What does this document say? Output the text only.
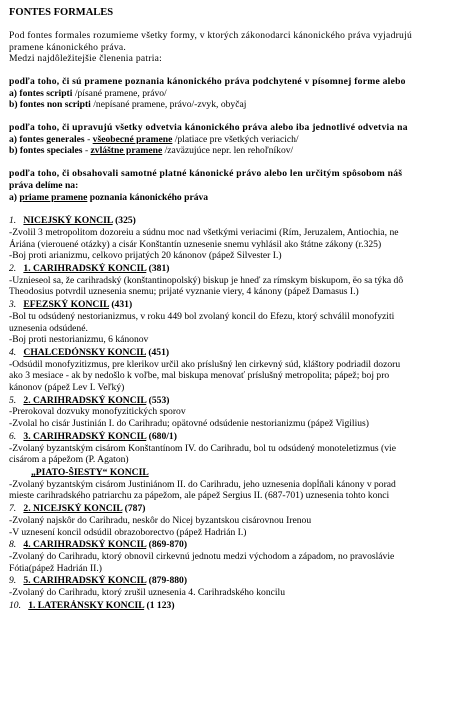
FONTES FORMALES
Pod fontes formales rozumieme všetky formy, v ktorých zákonodarci kánonického práva vyjadrujú
pramene kánonického práva.
Medzi najdôležitejšie členenia patria:
podľa toho, či sú pramene poznania kánonického práva podchytené v písomnej forme alebo
a) fontes scripti /písané pramene, právo/
b) fontes non scripti /nepísané pramene, právo/-zvyk, obyčaj
podľa toho, či upravujú všetky odvetvia kánonického práva alebo iba jednotlivé odvetvia na
a) fontes generales - všeobecné pramene /platiace pre všetkých veriacich/
b) fontes speciales - zvláštne pramene /zaväzujúce nepr. len rehoľníkov/
podľa toho, či obsahovali samotné platné kánonické právo alebo len určitým spôsobom náš
práva delíme na:
a) priame pramene poznania kánonického práva
1.   NICEJSKÝ KONCIL (325)
-Zvolil 3 metropolitom dozoreiu a súdnu moc nad všetkými veriacimi (Rím, Jeruzalem, Antiochia, ne
Áriána (vierouené otázky) a cisár Konštantín uznesenie snemu vyhlásil ako štátne zákony (r.325)
-Boj proti arianizmu, celkovo prijatých 20 kánonov (pápež Silvester I.)
2.   1. CARIHRADSKÝ KONCIL (381)
-Uznieseol sa, že carihradský (konštantinopolský) biskup je hneď za rímskym biskupom, ëo sa týka dô
Theodosius potvrdil uznesenia snemu; prijaté vyznanie viery, 4 kánony (pápež Damasus I.)
3.   EFEZSKÝ KONCIL (431)
-Bol tu odsúdený nestorianizmus, v roku 449 bol zvolaný koncil do Efezu, ktorý schválil monofyziti
uznesenia odsúdené.
-Boj proti nestorianizmu, 6 kánonov
4.   CHALCEDÓNSKY KONCIL (451)
-Odsúdil monofyzitizmus, pre klerikov určil ako príslušný len cirkevný súd, kláštory podriadil dozoru
ako 3 mesiace - ak by nedošlo k voľbe, mal biskupa menovať príslušný metropolita; pápež; boj pro
kánonov (pápež Lev I. Veľký)
5.   2. CARIHRADSKÝ KONCIL (553)
-Prerokoval dozvuky monofyzitických sporov
-Zvolal ho cisár Justinián I. do Carihradu; opätovné odsúdenie nestorianizmu (pápež Vigilius)
6.   3. CARIHRADSKÝ KONCIL (680/1)
-Zvolaný byzantským cisárom Konštantínom IV. do Carihradu, bol tu odsúdený monoteletizmus (vie
cisárom a pápežom (P. Agaton)
„PIATO-ŠIESTY“ KONCIL
-Zvolaný byzantským cisárom Justiniánom II. do Carihradu, jeho uznesenia dopĺňali kánony v porad
mieste carihradského patriarchu za pápežom, ale pápež Sergius II. (687-701) uznesenia tohto konci
7.   2. NICEJSKÝ KONCIL (787)
-Zvolaný najskôr do Carihradu, neskôr do Nicej byzantskou cisárovnou Irenou
-V uznesení koncil odsúdil obrazoborectvo (pápež Hadrián I.)
8.   4. CARIHRADSKÝ KONCIL (869-870)
-Zvolaný do Carihradu, ktorý obnovil cirkevnú jednotu medzi východom a západom, no pravoslávie
Fótia(pápež Hadrián II.)
9.   5. CARIHRADSKÝ KONCIL (879-880)
-Zvolaný do Carihradu, ktorý zrušil uznesenia 4. Carihradského koncilu
10.   1. LATERÁNSKY KONCIL (1 123)
